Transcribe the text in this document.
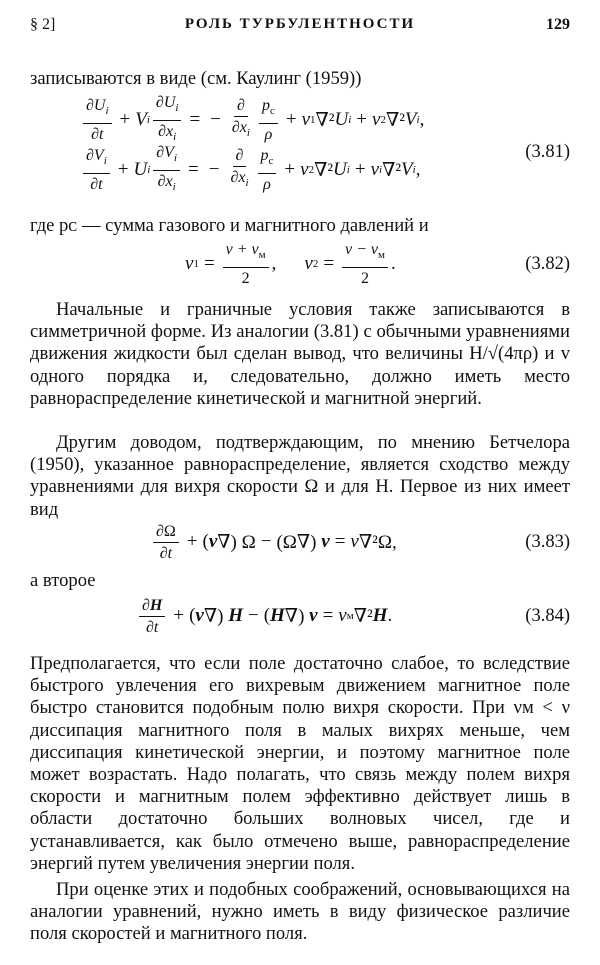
§ 2]	РОЛЬ ТУРБУЛЕНТНОСТИ	129
записываются в виде (см. Каулинг (1959))
$\frac{\partial U_i}{\partial t} + V$ i $\frac{\partial U_i}{\partial x_i}$ = − $\frac{\partial}{\partial x_i} \frac{p_c}{\rho} + \nu$ 1 ∇² U i + ν 2 ∇² V i ,
$\frac{\partial V_i}{\partial t} + U$ i $\frac{\partial V_i}{\partial x_i}$ = − $\frac{\partial}{\partial x_i} \frac{p_c}{\rho} + \nu$ 2 ∇² U i + ν i ∇² V i ,
(3.81)
где pᴄ — сумма газового и магнитного давлений и
ν $1 = \frac{\nu + \nu_м}{2}$ , ν $2 = \frac{\nu - \nu_м}{2}$ .	(3.82)
Начальные и граничные условия также записываются в симметричной форме. Из аналогии (3.81) с обычными уравнениями движения жидкости был сделан вывод, что величины H/√(4πρ) и v одного порядка и, следовательно, должно иметь место равнораспределение кинетической и магнитной энергий.
Другим доводом, подтверждающим, по мнению Бетчелора (1950), указанное равнораспределение, является сходство между уравнениями для вихря скорости Ω и для H. Первое из них имеет вид
$\frac{\partial\Omega}{\partial t}$ + ( v ∇) Ω − (Ω∇) v = ν ∇²Ω,	(3.83)
а второе
$\frac{\partial H}{\partial t}$ + ( v ∇)
H − ( H ∇)
v = ν м ∇² H .	(3.84)
Предполагается, что если поле достаточно слабое, то вследствие быстрого увлечения его вихревым движением магнитное поле быстро становится подобным полю вихря скорости. При νм < ν диссипация магнитного поля в малых вихрях меньше, чем диссипация кинетической энергии, и поэтому магнитное поле может возрастать. Надо полагать, что связь между полем вихря скорости и магнитным полем эффективно действует лишь в области достаточно больших волновых чисел, где и устанавливается, как было отмечено выше, равнораспределение энергий путем увеличения энергии поля.
При оценке этих и подобных соображений, основывающихся на аналогии уравнений, нужно иметь в виду физическое различие поля скоростей и магнитного поля.
